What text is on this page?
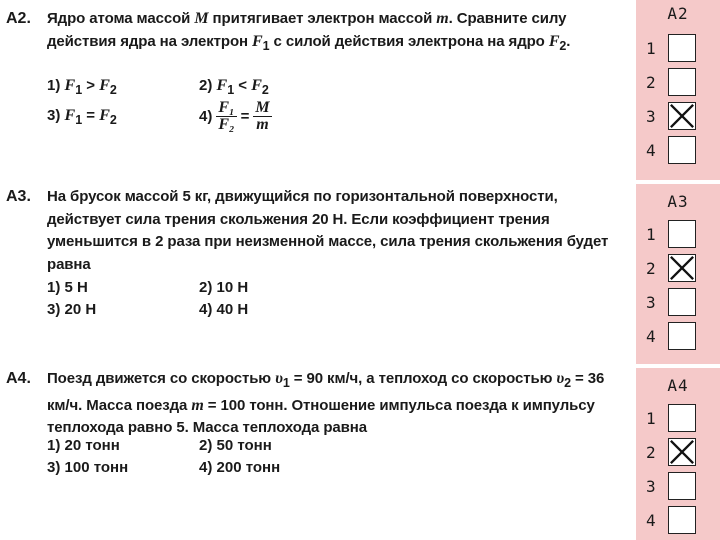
A2. Ядро атома массой M притягивает электрон массой m. Сравните силу действия ядра на электрон $F_1$ с силой действия электрона на ядро $F_2$.
1) $F_1 > F_2$	2) $F_1 < F_2$
3) $F_1 = F_2$	$4) \frac{\text{F₁}}{\text{F₂}} = \frac{M}{m}$
A3. На брусок массой 5 кг, движущийся по горизонтальной поверхности, действует сила трения скольжения 20 Н. Если коэффициент трения уменьшится в 2 раза при неизменной массе, сила трения скольжения будет равна
1) 5 Н	2) 10 Н
3) 20 Н	4) 40 Н
A4. Поезд движется со скоростью $\upsilon_1 = 90$ км/ч, а теплоход со скоростью $\upsilon_2 = 36$ км/ч. Масса поезда m = 100 тонн. Отношение импульса поезда к импульсу теплохода равно 5. Масса теплохода равна
1) 20 тонн	2) 50 тонн
3) 100 тонн	4) 200 тонн
A2
1
2
3
4
A3
1
2
3
4
A4
1
2
3
4
